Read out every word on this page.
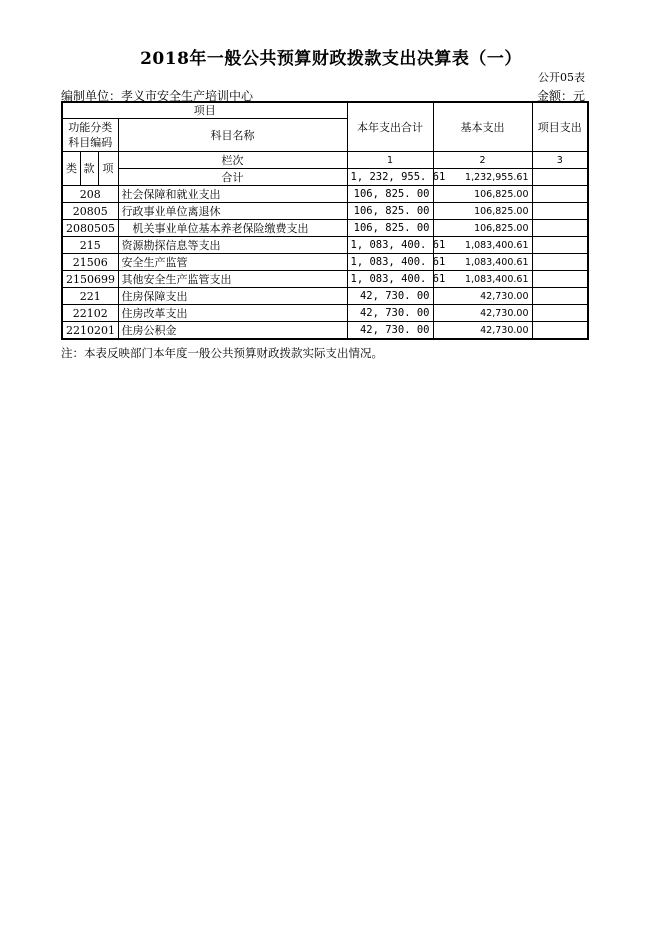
2018年一般公共预算财政拨款支出决算表（一）
公开05表
编制单位：孝义市安全生产培训中心	金额：元
项目				本年支出合计	基本支出	项目支出
功能分类
科目编码			科目名称			
类	款	项				
			栏次	1	2	3
			合计	1, 232, 955. 61	1,232,955.61	
208			社会保障和就业支出	106, 825. 00	106,825.00	
20805			行政事业单位离退休	106, 825. 00	106,825.00	
2080505			机关事业单位基本养老保险缴费支出	106, 825. 00	106,825.00	
215			资源勘探信息等支出	1, 083, 400. 61	1,083,400.61	
21506			安全生产监管	1, 083, 400. 61	1,083,400.61	
2150699			其他安全生产监管支出	1, 083, 400. 61	1,083,400.61	
221			住房保障支出	42, 730. 00	42,730.00	
22102			住房改革支出	42, 730. 00	42,730.00	
2210201			住房公积金	42, 730. 00	42,730.00	
注：本表反映部门本年度一般公共预算财政拨款实际支出情况。
